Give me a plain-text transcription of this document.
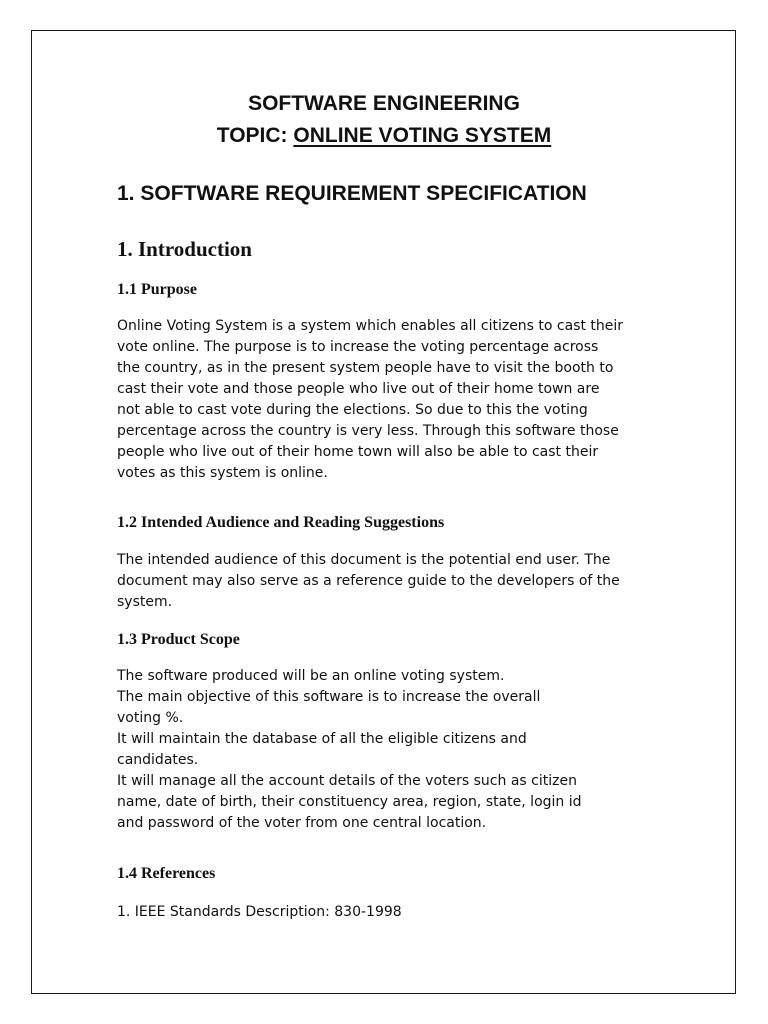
SOFTWARE ENGINEERING
TOPIC: ONLINE VOTING SYSTEM
1. SOFTWARE REQUIREMENT SPECIFICATION
1. Introduction
1.1 Purpose
Online Voting System is a system which enables all citizens to cast their
vote online. The purpose is to increase the voting percentage across
the country, as in the present system people have to visit the booth to
cast their vote and those people who live out of their home town are
not able to cast vote during the elections. So due to this the voting
percentage across the country is very less. Through this software those
people who live out of their home town will also be able to cast their
votes as this system is online.
1.2 Intended Audience and Reading Suggestions
The intended audience of this document is the potential end user. The
document may also serve as a reference guide to the developers of the
system.
1.3 Product Scope
The software produced will be an online voting system.
The main objective of this software is to increase the overall
voting %.
It will maintain the database of all the eligible citizens and
candidates.
It will manage all the account details of the voters such as citizen
name, date of birth, their constituency area, region, state, login id
and password of the voter from one central location.
1.4 References
1. IEEE Standards Description: 830-1998
